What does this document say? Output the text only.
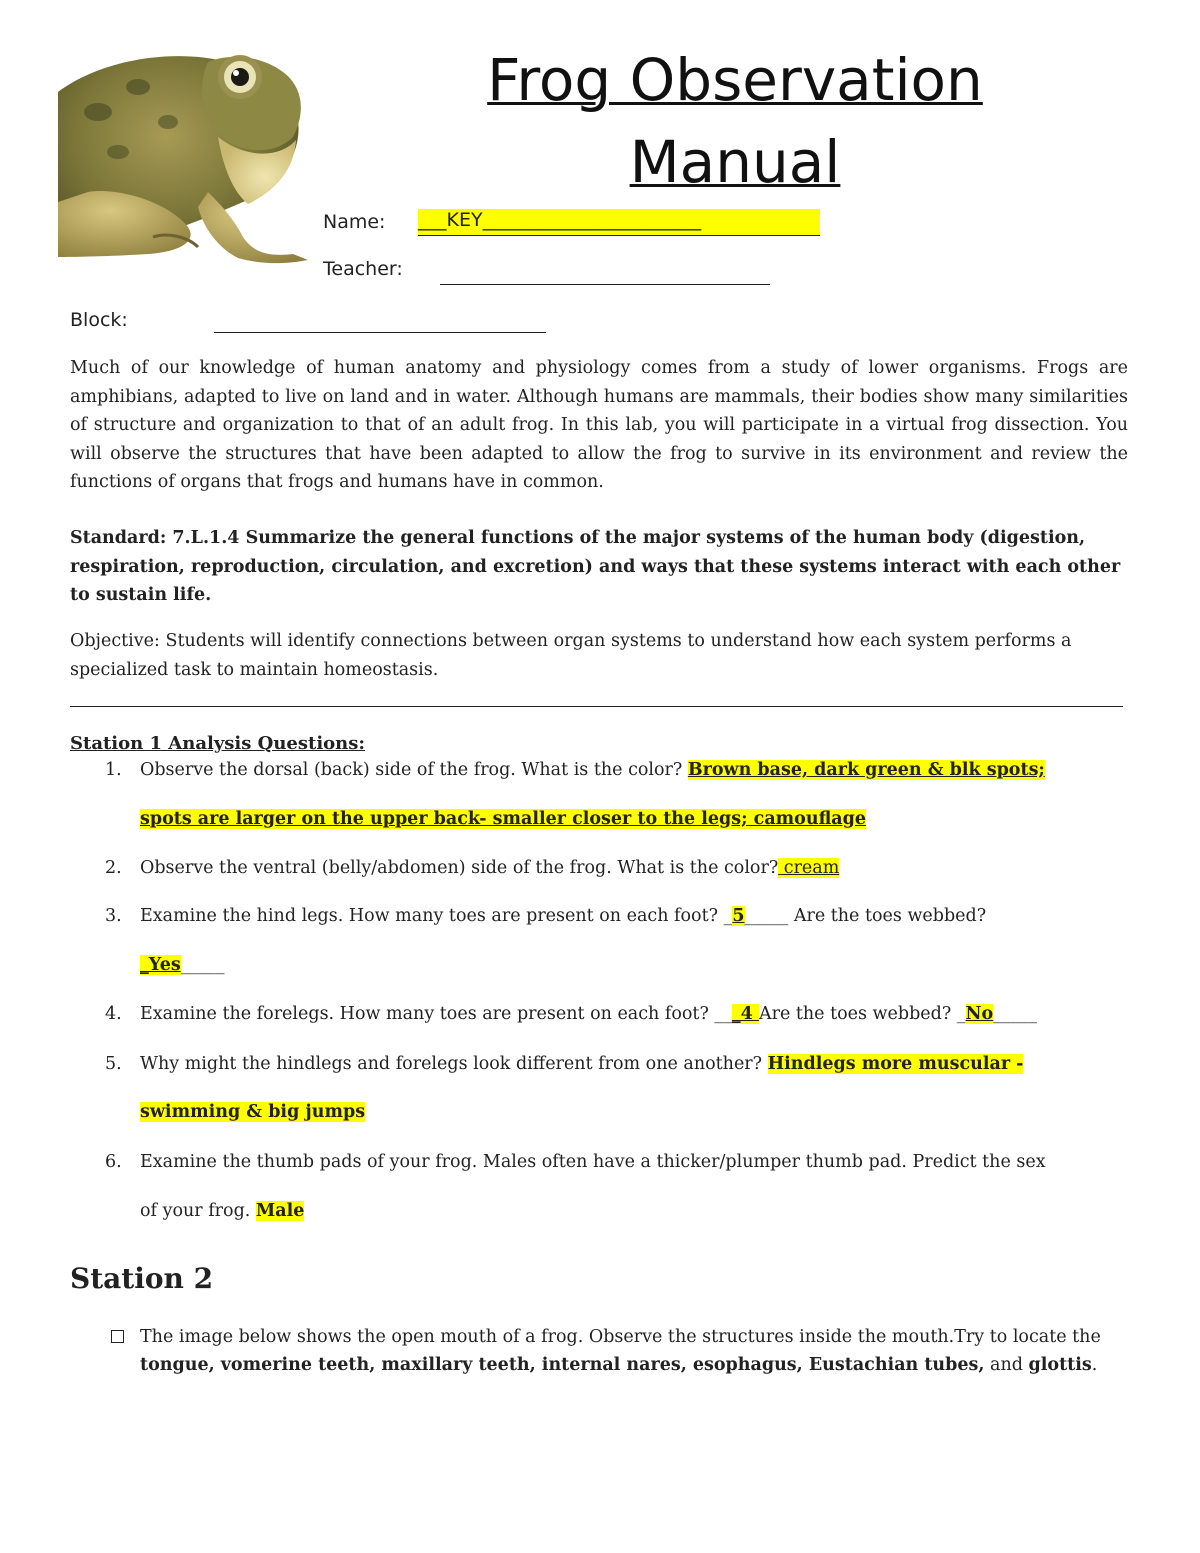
Frog Observation
Manual
Name: ___KEY_______________________
Teacher:
Block:
Much of our knowledge of human anatomy and physiology comes from a study of lower organisms. Frogs are amphibians, adapted to live on land and in water. Although humans are mammals, their bodies show many similarities of structure and organization to that of an adult frog. In this lab, you will participate in a virtual frog dissection. You will observe the structures that have been adapted to allow the frog to survive in its environment and review the functions of organs that frogs and humans have in common.
Standard: 7.L.1.4 Summarize the general functions of the major systems of the human body (digestion, respiration, reproduction, circulation, and excretion) and ways that these systems interact with each other to sustain life.
Objective: Students will identify connections between organ systems to understand how each system performs a specialized task to maintain homeostasis.
Station 1 Analysis Questions:
1. Observe the dorsal (back) side of the frog. What is the color? Brown base, dark green & blk spots;
spots are larger on the upper back- smaller closer to the legs; camouflage
2. Observe the ventral (belly/abdomen) side of the frog. What is the color? cream
3. Examine the hind legs. How many toes are present on each foot? _5_____ Are the toes webbed?
_Yes_____
4. Examine the forelegs. How many toes are present on each foot? ___4 Are the toes webbed? _No_____
5. Why might the hindlegs and forelegs look different from one another? Hindlegs more muscular -
swimming & big jumps
6. Examine the thumb pads of your frog. Males often have a thicker/plumper thumb pad. Predict the sex
of your frog. Male
Station 2
The image below shows the open mouth of a frog. Observe the structures inside the mouth.Try to locate the tongue, vomerine teeth, maxillary teeth, internal nares, esophagus, Eustachian tubes, and glottis.
